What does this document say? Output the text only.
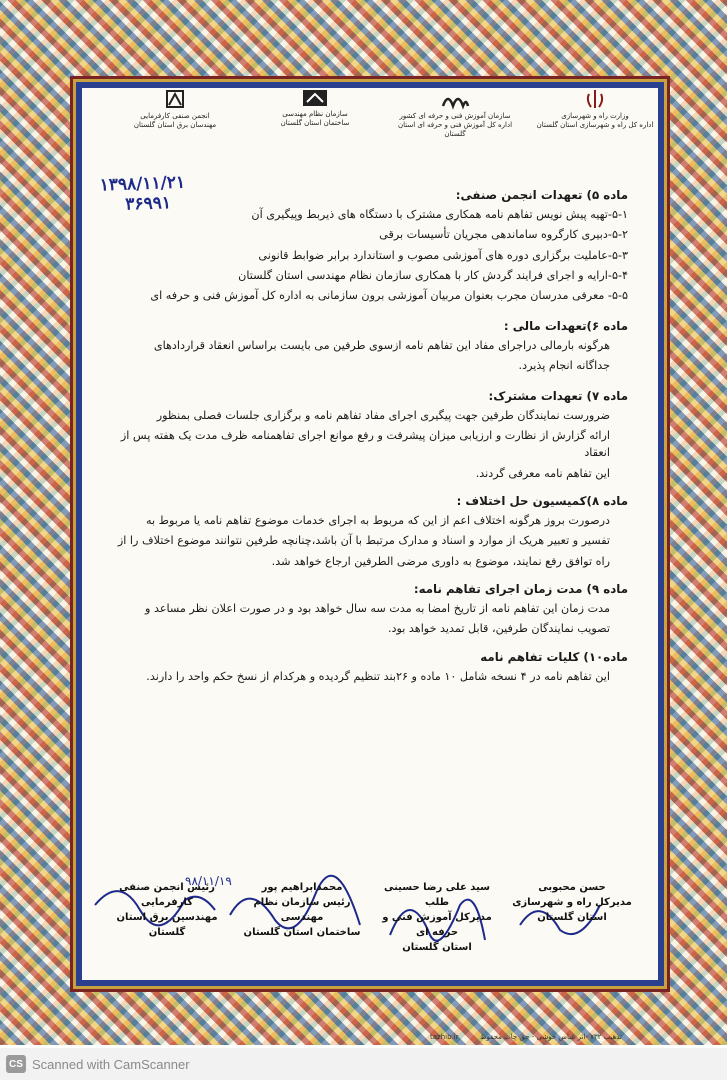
انجمن صنفی کارفرمایی
مهندسان برق استان گلستان
سازمان نظام مهندسی
ساختمان استان گلستان
سازمان آموزش فنی و حرفه ای کشور
اداره کل آموزش فنی و حرفه ای استان گلستان
وزارت راه و شهرسازی
اداره کل راه و شهرسازی استان گلستان
۱۳۹۸/۱۱/۲۱
۳۶۹۹۱	ماده ۵) تعهدات انجمن صنفی:
۵-۱-تهیه پیش نویس تفاهم نامه همکاری مشترک با دستگاه های ذیربط وپیگیری آن
۵-۲-دبیری کارگروه ساماندهی مجریان تأسیسات برقی
۵-۳-عاملیت برگزاری دوره های آموزشی مصوب و استاندارد برابر ضوابط قانونی
۵-۴-ارایه و اجرای فرایند گردش کار با همکاری سازمان نظام مهندسی استان گلستان
۵-۵- معرفی مدرسان مجرب بعنوان مربیان آموزشی برون سازمانی به اداره کل آموزش فنی و حرفه ای
ماده ۶)تعهدات مالی :
هرگونه بارمالی دراجرای مفاد این تفاهم نامه ازسوی طرفین می بایست براساس انعقاد قراردادهای
جداگانه انجام پذیرد.
ماده ۷) تعهدات مشترک:
ضرورست نمایندگان طرفین جهت پیگیری اجرای مفاد تفاهم نامه و برگزاری جلسات فصلی بمنظور
ارائه گزارش از نظارت و ارزیابی میزان پیشرفت و رفع موانع اجرای تفاهمنامه ظرف مدت یک هفته پس از انعقاد
این تفاهم نامه معرفی گردند.
ماده ۸)کمیسیون حل اختلاف :
درصورت بروز هرگونه اختلاف اعم از این که مربوط به اجرای خدمات موضوع تفاهم نامه یا مربوط به
تفسیر و تعبیر هریک از موارد و اسناد و مدارک مرتبط با آن باشد،چنانچه طرفین نتوانند موضوع اختلاف را از
راه توافق رفع نمایند، موضوع به داوری مرضی الطرفین ارجاع خواهد شد.
ماده ۹) مدت زمان اجرای تفاهم نامه:
مدت زمان این تفاهم نامه از تاریخ امضا به مدت سه سال خواهد بود و در صورت اعلان نظر مساعد و
تصویب نمایندگان طرفین، قابل تمدید خواهد بود.
ماده۱۰) کلیات تفاهم نامه
این تفاهم نامه در ۴ نسخه شامل ۱۰ ماده و ۲۶بند تنظیم گردیده و هرکدام از نسخ حکم واحد را دارند.
۹۸/۱۱/۱۹	حسن محبوبی
مدیرکل راه و شهرسازی
استان گلستان
سید علی رضا حسینی طلب
مدیرکل آموزش فنی و حرفه ای
استان گلستان
محمدابراهیم پور
رئیس سازمان نظام مهندسی
ساختمان استان گلستان
رئیس انجمن صنفی کارفرمایی
مهندسین برق استان گلستان
tazhib.ir	تذهیب ۷۳۲ -اثر عباس خوشی - حق چاپ محفوظ
CS Scanned with CamScanner
